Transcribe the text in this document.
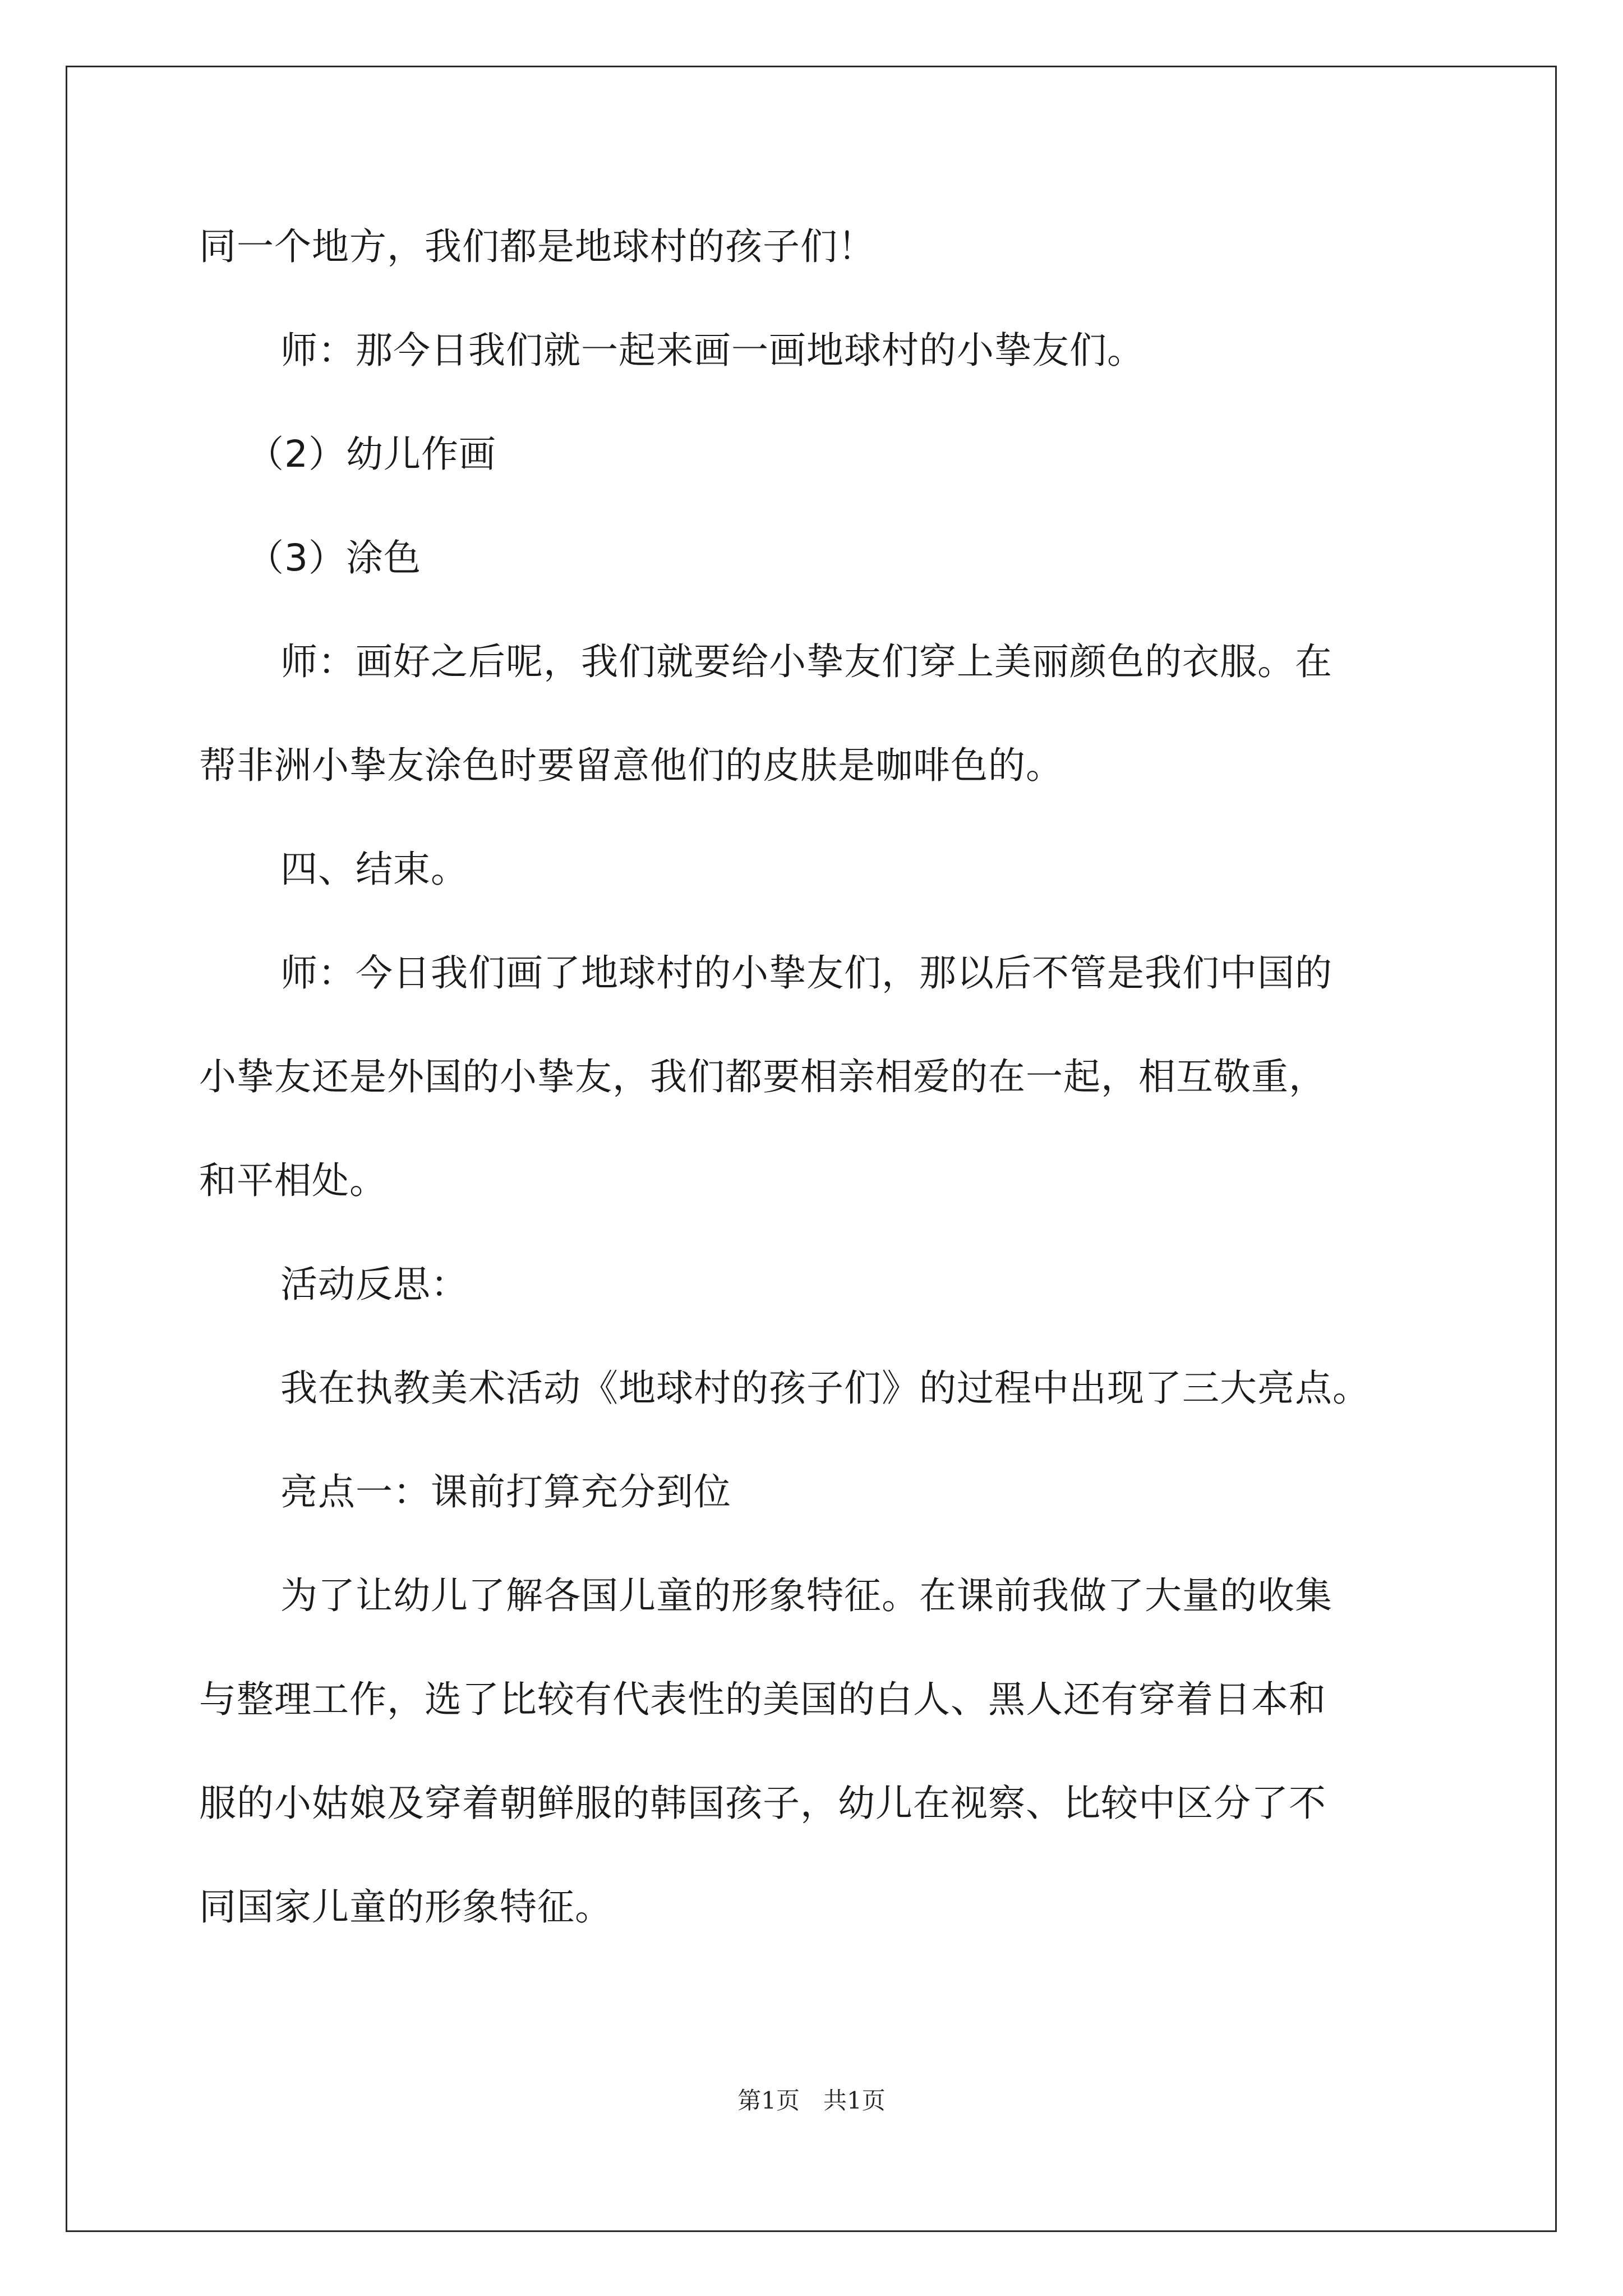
同一个地方，我们都是地球村的孩子们！
师：那今日我们就一起来画一画地球村的小挚友们。
（2）幼儿作画
（3）涂色
师：画好之后呢，我们就要给小挚友们穿上美丽颜色的衣服。在
帮非洲小挚友涂色时要留意他们的皮肤是咖啡色的。
四、结束。
师：今日我们画了地球村的小挚友们，那以后不管是我们中国的
小挚友还是外国的小挚友，我们都要相亲相爱的在一起，相互敬重，
和平相处。
活动反思：
我在执教美术活动《地球村的孩子们》的过程中出现了三大亮点。
亮点一：课前打算充分到位
为了让幼儿了解各国儿童的形象特征。在课前我做了大量的收集
与整理工作，选了比较有代表性的美国的白人、黑人还有穿着日本和
服的小姑娘及穿着朝鲜服的韩国孩子，幼儿在视察、比较中区分了不
同国家儿童的形象特征。
第1页　共1页
